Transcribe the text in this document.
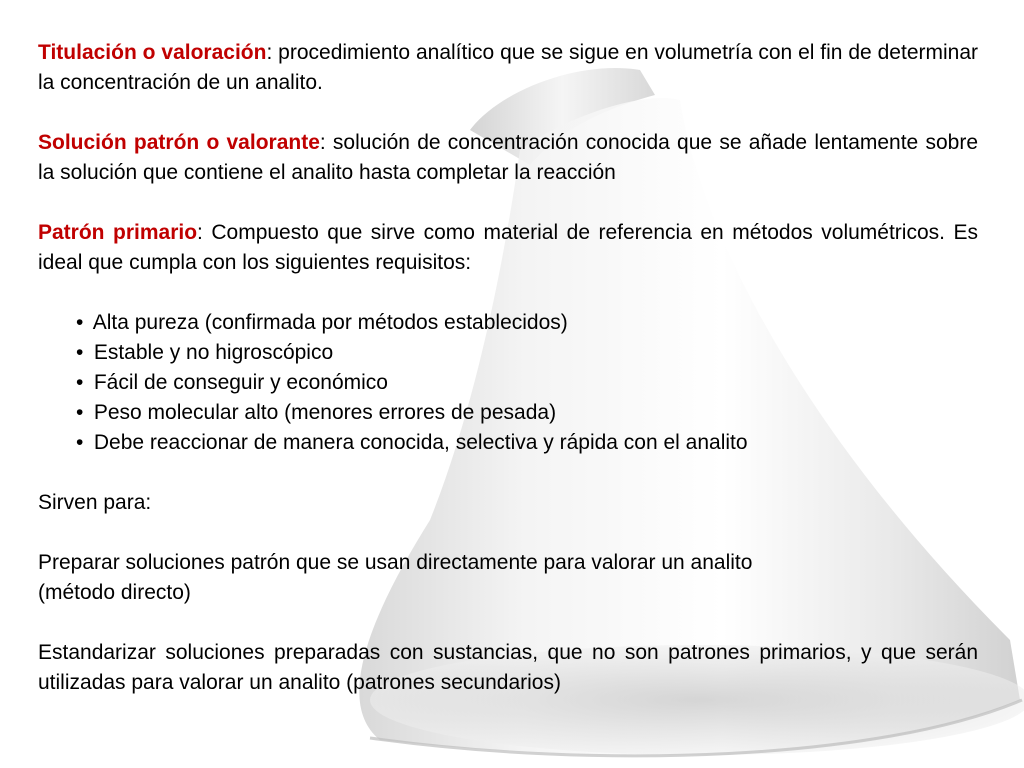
Titulación o valoración: procedimiento analítico que se sigue en volumetría con el fin de determinar la concentración de un analito.

Solución patrón o valorante: solución de concentración conocida que se añade lentamente sobre la solución que contiene el analito hasta completar la reacción

Patrón primario: Compuesto que sirve como material de referencia en métodos volumétricos. Es ideal que cumpla con los siguientes requisitos:

• Alta pureza (confirmada por métodos establecidos)
• Estable y no higroscópico
• Fácil de conseguir y económico
• Peso molecular alto (menores errores de pesada)
• Debe reaccionar de manera conocida, selectiva y rápida con el analito

Sirven para:

Preparar soluciones patrón que se usan directamente para valorar un analito

(método directo)

Estandarizar soluciones preparadas con sustancias, que no son patrones primarios, y que serán utilizadas para valorar un analito (patrones secundarios)
